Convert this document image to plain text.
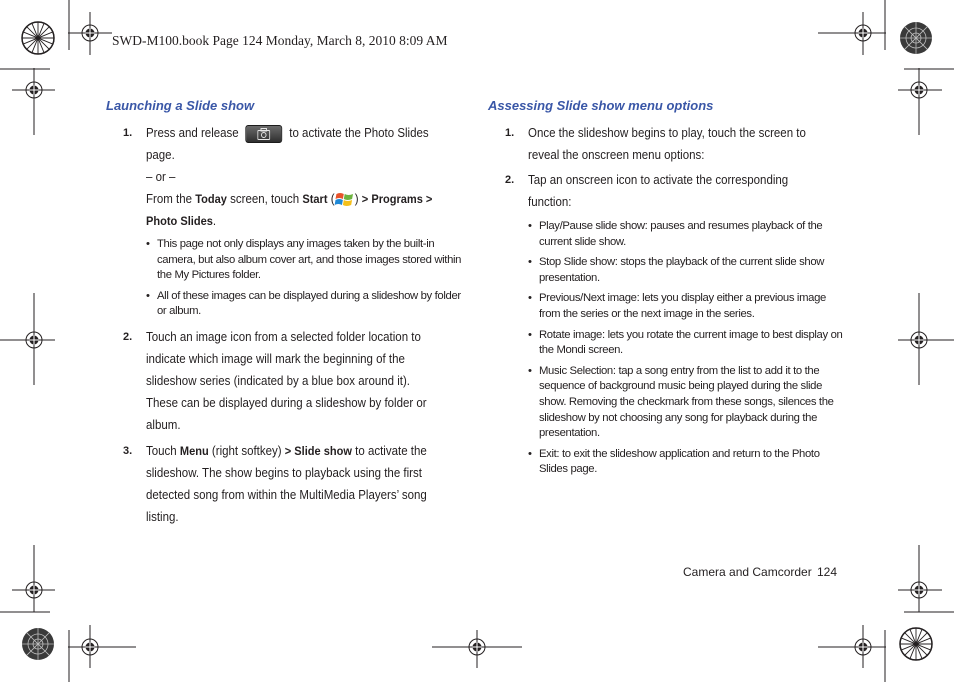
SWD-M100.book Page 124 Monday, March 8, 2010 8:09 AM
Launching a Slide show
1. Press and release	to activate the Photo Slides page.

– or –

From the Today screen, touch Start ( ) > Programs >

Photo Slides.

• This page not only displays any images taken by the built-in camera, but also album cover art, and those images stored within the My Pictures folder.
• All of these images can be displayed during a slideshow by folder or album.
2. Touch an image icon from a selected folder location to indicate which image will mark the beginning of the slideshow series (indicated by a blue box around it). These can be displayed during a slideshow by folder or album.

3. Touch Menu (right softkey) > Slide show to activate the slideshow. The show begins to playback using the first detected song from within the MultiMedia Players’ song listing.

Assessing Slide show menu options
1. Once the slideshow begins to play, touch the screen to reveal the onscreen menu options:

2. Tap an onscreen icon to activate the corresponding function:

• Play/Pause slide show: pauses and resumes playback of the current slide show.
• Stop Slide show: stops the playback of the current slide show presentation.
• Previous/Next image: lets you display either a previous image from the series or the next image in the series.
• Rotate image: lets you rotate the current image to best display on the Mondi screen.
• Music Selection: tap a song entry from the list to add it to the sequence of background music being played during the slide show. Removing the checkmark from these songs, silences the slideshow by not choosing any song for playback during the presentation.
• Exit: to exit the slideshow application and return to the Photo Slides page.
Camera and Camcorder 124
